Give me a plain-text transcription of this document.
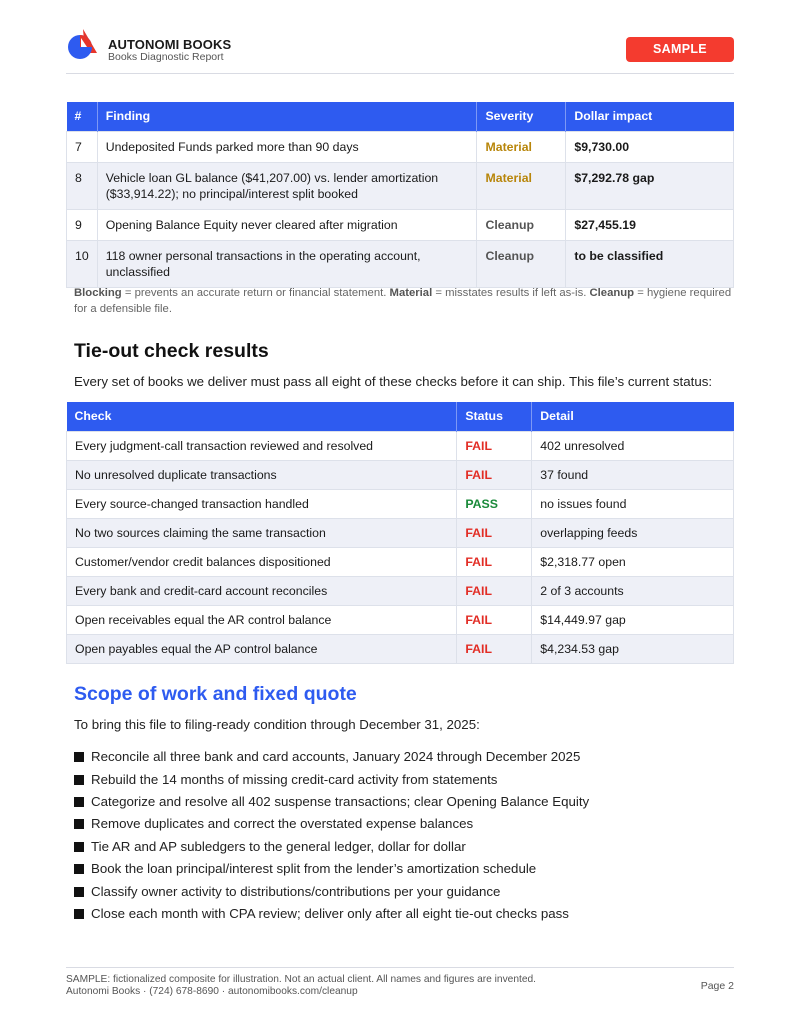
AUTONOMI BOOKS
Books Diagnostic Report
SAMPLE
#	Finding	Severity	Dollar impact
7	Undeposited Funds parked more than 90 days	Material	$9,730.00
8	Vehicle loan GL balance ($41,207.00) vs. lender amortization ($33,914.22); no principal/interest split booked	Material	$7,292.78 gap
9	Opening Balance Equity never cleared after migration	Cleanup	$27,455.19
10	118 owner personal transactions in the operating account, unclassified	Cleanup	to be classified
Blocking = prevents an accurate return or financial statement. Material = misstates results if left as-is. Cleanup = hygiene required for a defensible file.
Tie-out check results

Every set of books we deliver must pass all eight of these checks before it can ship. This file’s current status:

Check	Status	Detail
Every judgment-call transaction reviewed and resolved	FAIL	402 unresolved
No unresolved duplicate transactions	FAIL	37 found
Every source-changed transaction handled	PASS	no issues found
No two sources claiming the same transaction	FAIL	overlapping feeds
Customer/vendor credit balances dispositioned	FAIL	$2,318.77 open
Every bank and credit-card account reconciles	FAIL	2 of 3 accounts
Open receivables equal the AR control balance	FAIL	$14,449.97 gap
Open payables equal the AP control balance	FAIL	$4,234.53 gap
Scope of work and fixed quote

To bring this file to filing-ready condition through December 31, 2025:

Reconcile all three bank and card accounts, January 2024 through December 2025
Rebuild the 14 months of missing credit-card activity from statements
Categorize and resolve all 402 suspense transactions; clear Opening Balance Equity
Remove duplicates and correct the overstated expense balances
Tie AR and AP subledgers to the general ledger, dollar for dollar
Book the loan principal/interest split from the lender’s amortization schedule
Classify owner activity to distributions/contributions per your guidance
Close each month with CPA review; deliver only after all eight tie-out checks pass
SAMPLE: fictionalized composite for illustration. Not an actual client. All names and figures are invented.
Autonomi Books · (724) 678-8690 · autonomibooks.com/cleanup	Page 2
